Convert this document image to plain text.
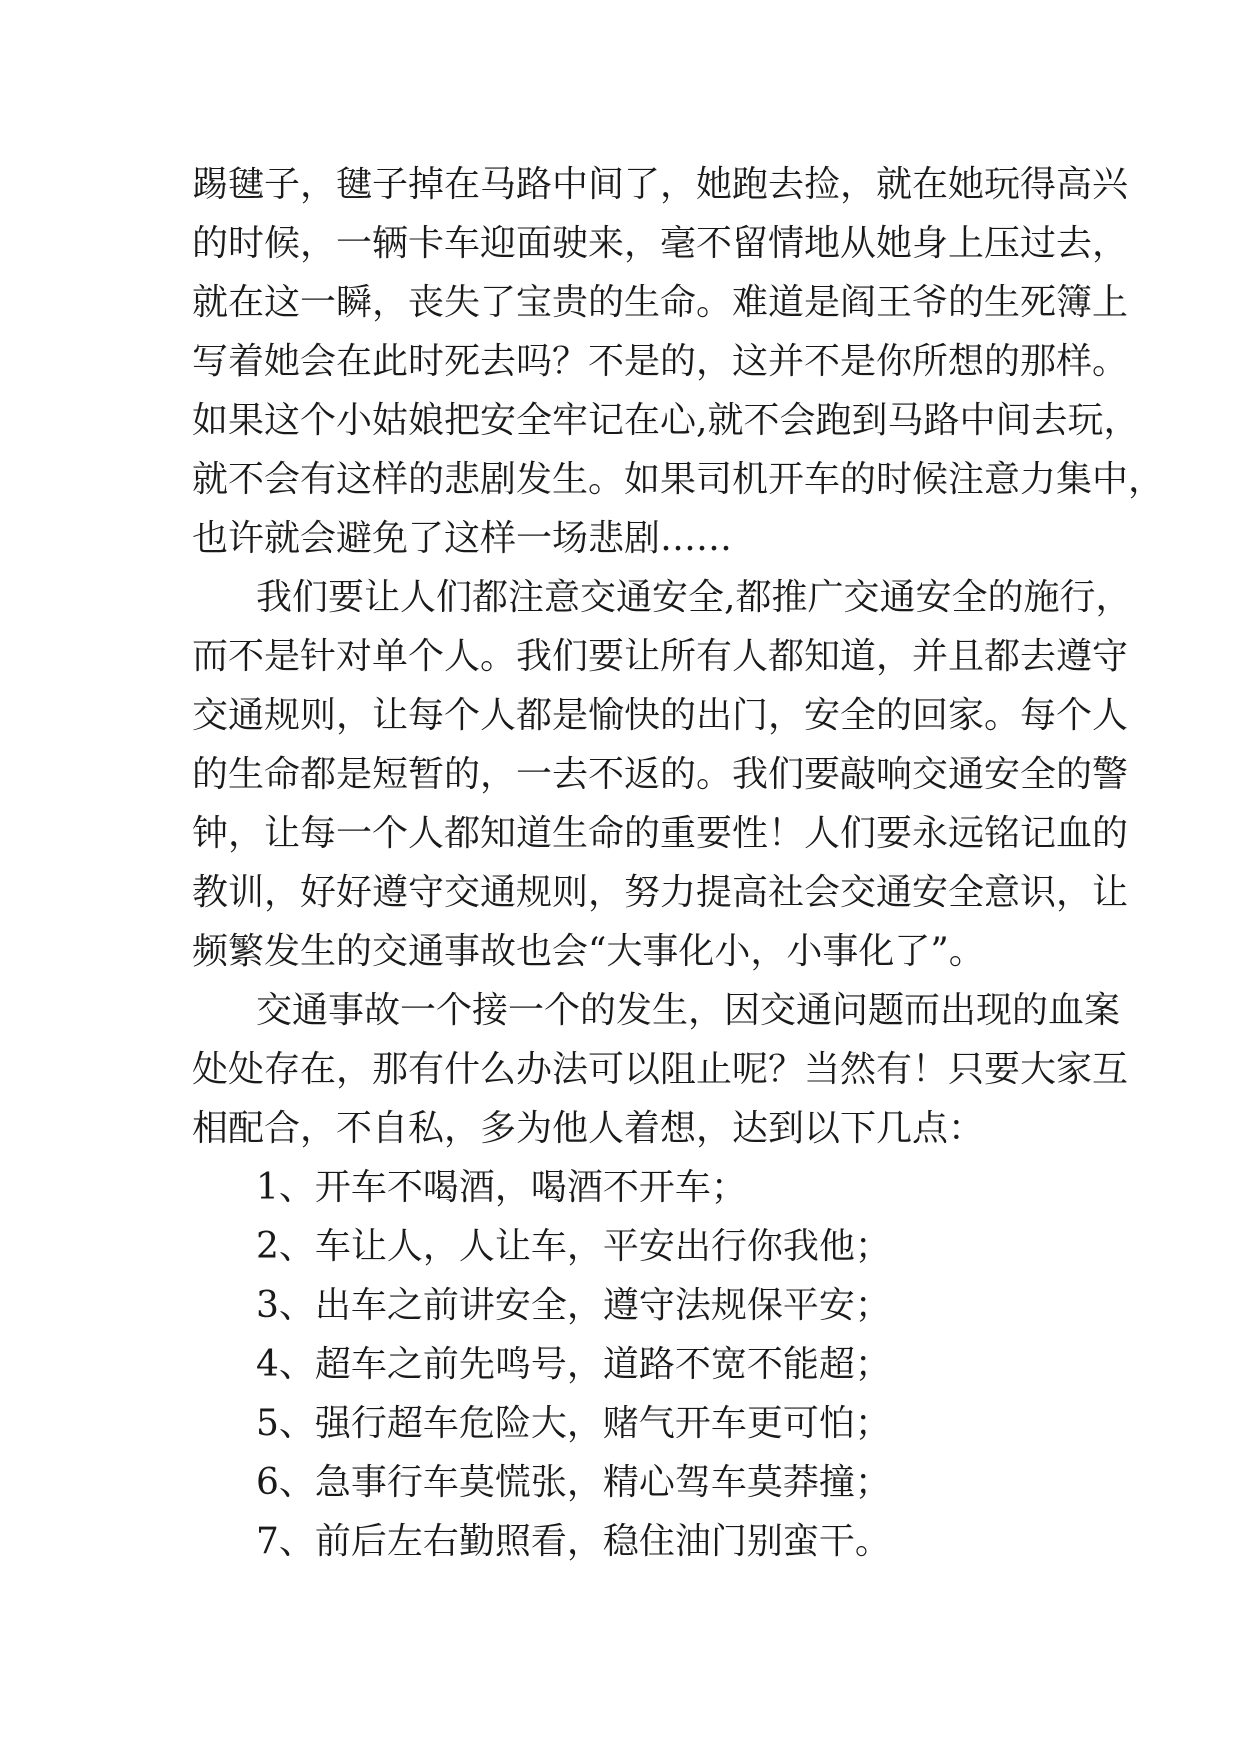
踢毽子，毽子掉在马路中间了，她跑去捡，就在她玩得高兴
的时候，一辆卡车迎面驶来，毫不留情地从她身上压过去，
就在这一瞬，丧失了宝贵的生命。难道是阎王爷的生死簿上
写着她会在此时死去吗？不是的，这并不是你所想的那样。
如果这个小姑娘把安全牢记在心,就不会跑到马路中间去玩，
就不会有这样的悲剧发生。如果司机开车的时候注意力集中，
也许就会避免了这样一场悲剧……
我们要让人们都注意交通安全,都推广交通安全的施行，
而不是针对单个人。我们要让所有人都知道，并且都去遵守
交通规则，让每个人都是愉快的出门，安全的回家。每个人
的生命都是短暂的，一去不返的。我们要敲响交通安全的警
钟，让每一个人都知道生命的重要性！人们要永远铭记血的
教训，好好遵守交通规则，努力提高社会交通安全意识，让
频繁发生的交通事故也会“大事化小，小事化了”。
交通事故一个接一个的发生，因交通问题而出现的血案
处处存在，那有什么办法可以阻止呢？当然有！只要大家互
相配合，不自私，多为他人着想，达到以下几点：
1、开车不喝酒，喝酒不开车；
2、车让人，人让车，平安出行你我他；
3、出车之前讲安全，遵守法规保平安；
4、超车之前先鸣号，道路不宽不能超；
5、强行超车危险大，赌气开车更可怕；
6、急事行车莫慌张，精心驾车莫莽撞；
7、前后左右勤照看，稳住油门别蛮干。
